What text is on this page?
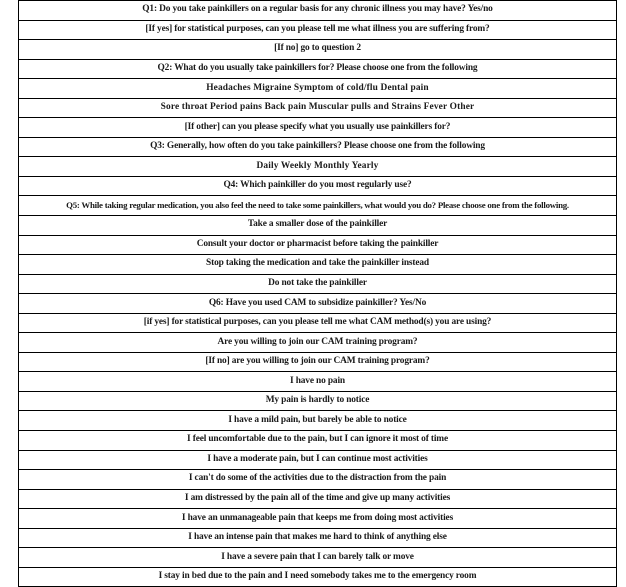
Q1: Do you take painkillers on a regular basis for any chronic illness you may have? Yes/no
[If yes] for statistical purposes, can you please tell me what illness you are suffering from?
[If no] go to question 2
Q2: What do you usually take painkillers for? Please choose one from the following
Headaches Migraine Symptom of cold/flu Dental pain
Sore throat Period pains Back pain Muscular pulls and Strains Fever Other
[If other] can you please specify what you usually use painkillers for?
Q3: Generally, how often do you take painkillers? Please choose one from the following
Daily Weekly Monthly Yearly
Q4: Which painkiller do you most regularly use?
Q5: While taking regular medication, you also feel the need to take some painkillers, what would you do? Please choose one from the following.
Take a smaller dose of the painkiller
Consult your doctor or pharmacist before taking the painkiller
Stop taking the medication and take the painkiller instead
Do not take the painkiller
Q6: Have you used CAM to subsidize painkiller? Yes/No
[if yes] for statistical purposes, can you please tell me what CAM method(s) you are using?
Are you willing to join our CAM training program?
[If no] are you willing to join our CAM training program?
I have no pain
My pain is hardly to notice
I have a mild pain, but barely be able to notice
I feel uncomfortable due to the pain, but I can ignore it most of time
I have a moderate pain, but I can continue most activities
I can't do some of the activities due to the distraction from the pain
I am distressed by the pain all of the time and give up many activities
I have an unmanageable pain that keeps me from doing most activities
I have an intense pain that makes me hard to think of anything else
I have a severe pain that I can barely talk or move
I stay in bed due to the pain and I need somebody takes me to the emergency room
